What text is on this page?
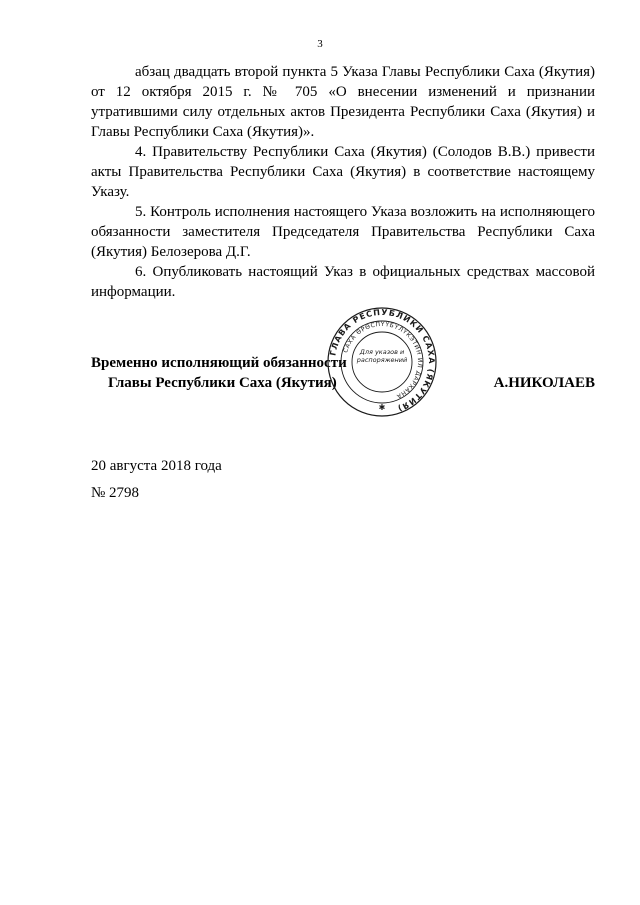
3

абзац двадцать второй пункта 5 Указа Главы Республики Саха (Якутия) от 12 октября 2015 г. № 705 «О внесении изменений и признании утратившими силу отдельных актов Президента Республики Саха (Якутия) и Главы Республики Саха (Якутия)».

4. Правительству Республики Саха (Якутия) (Солодов В.В.) привести акты Правительства Республики Саха (Якутия) в соответствие настоящему Указу.

5. Контроль исполнения настоящего Указа возложить на исполняющего обязанности заместителя Председателя Правительства Республики Саха (Якутия) Белозерова Д.Г.

6. Опубликовать настоящий Указ в официальных средствах массовой информации.

Временно исполняющий обязанности
Главы Республики Саха (Якутия)	А.НИКОЛАЕВ
ГЛАВА РЕСПУБЛИКИ САХА (ЯКУТИЯ)
САХА ӨРӨСПҮҮБҮЛҮКЭТИН ИЛ ДАРХАНА
✱
Для указов и распоряжений
20 августа 2018 года
№ 2798
